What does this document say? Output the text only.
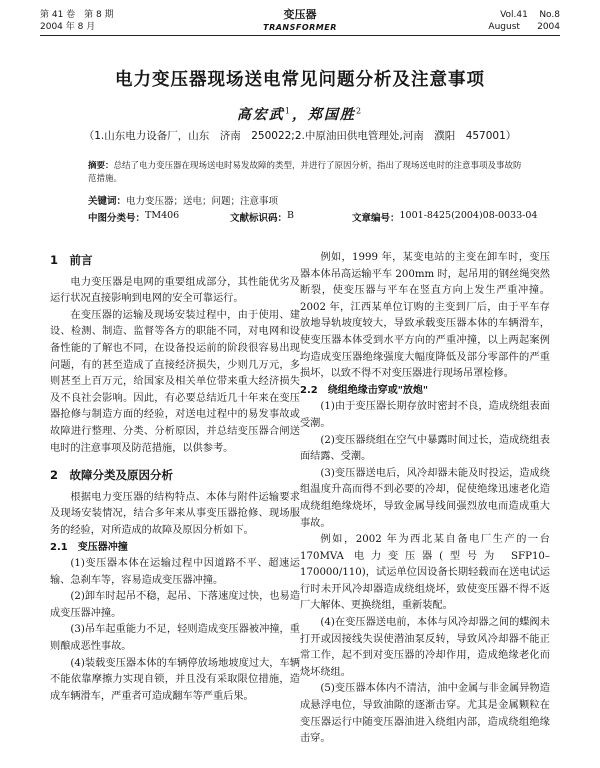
第 41 卷　第 8 期
2004 年 8 月
变压器
TRANSFORMER
Vol.41 No.8
August 2004
电力变压器现场送电常见问题分析及注意事项
高宏武$^1$，郑国胜$^2$
（1.山东电力设备厂，山东　济南　250022;2.中原油田供电管理处,河南　濮阳　457001）
摘要：总结了电力变压器在现场送电时易发故障的类型，并进行了原因分析，指出了现场送电时的注意事项及事故防范措施。
关键词：电力变压器；送电；问题；注意事项
中图分类号： TM406	文献标识码： B	文章编号： 1001-8425(2004)08-0033-04

1　前言

电力变压器是电网的重要组成部分，其性能优劣及运行状况直接影响到电网的安全可靠运行。

在变压器的运输及现场安装过程中，由于使用、建设、检测、制造、监督等各方的职能不同，对电网和设备性能的了解也不同，在设备投运前的阶段很容易出现问题，有的甚至造成了直接经济损失，少则几万元，多则甚至上百万元，给国家及相关单位带来重大经济损失及不良社会影响。因此，有必要总结近几十年来在变压器抢修与制造方面的经验，对送电过程中的易发事故或故障进行整理、分类、分析原因，并总结变压器合闸送电时的注意事项及防范措施，以供参考。

2　故障分类及原因分析

根据电力变压器的结构特点、本体与附件运输要求及现场安装情况，结合多年来从事变压器抢修、现场服务的经验，对所造成的故障及原因分析如下。

2.1　变压器冲撞

(1)变压器本体在运输过程中因道路不平、超速运输、急刹车等，容易造成变压器冲撞。

(2)卸车时起吊不稳，起吊、下落速度过快，也易造成变压器冲撞。

(3)吊车起重能力不足，轻则造成变压器被冲撞，重则酿成恶性事故。

(4)装载变压器本体的车辆停放场地坡度过大，车辆不能依靠摩擦力实现自锁，并且没有采取限位措施，造成车辆滑车，严重者可造成翻车等严重后果。

例如，1999 年，某变电站的主变在卸车时，变压器本体吊高运输平车 200mm 时，起吊用的钢丝绳突然断裂，使变压器与平车在竖直方向上发生严重冲撞。2002 年，江西某单位订购的主变到厂后，由于平车存放地导轨坡度较大，导致承载变压器本体的车辆滑车，使变压器本体受到水平方向的严重冲撞，以上两起案例均造成变压器绝缘强度大幅度降低及部分零部件的严重损坏，以致不得不对变压器进行现场吊罩检修。

2.2　绕组绝缘击穿或"放炮"

(1)由于变压器长期存放时密封不良，造成绕组表面受潮。

(2)变压器绕组在空气中暴露时间过长，造成绕组表面结露、受潮。

(3)变压器送电后，风冷却器未能及时投运，造成绕组温度升高而得不到必要的冷却，促使绝缘迅速老化造成绕组绝缘烧坏，导致金属导线间强烈放电而造成重大事故。

例如，2002 年为西北某自备电厂生产的一台170MVA 电力变压器(型号为 SFP10–170000/110)，试运单位因设备长期轻载而在送电试运行时未开风冷却器造成绕组烧坏，致使变压器不得不返厂大解体、更换绕组，重新装配。

(4)在变压器送电前，本体与风冷却器之间的蝶阀未打开或因接线失误使潜油泵反转，导致风冷却器不能正常工作，起不到对变压器的冷却作用，造成绝缘老化而烧坏绕组。

(5)变压器本体内不清洁，油中金属与非金属异物造成悬浮电位，导致油隙的逐渐击穿。尤其是金属颗粒在变压器运行中随变压器油进入绕组内部，造成绕组绝缘击穿。
